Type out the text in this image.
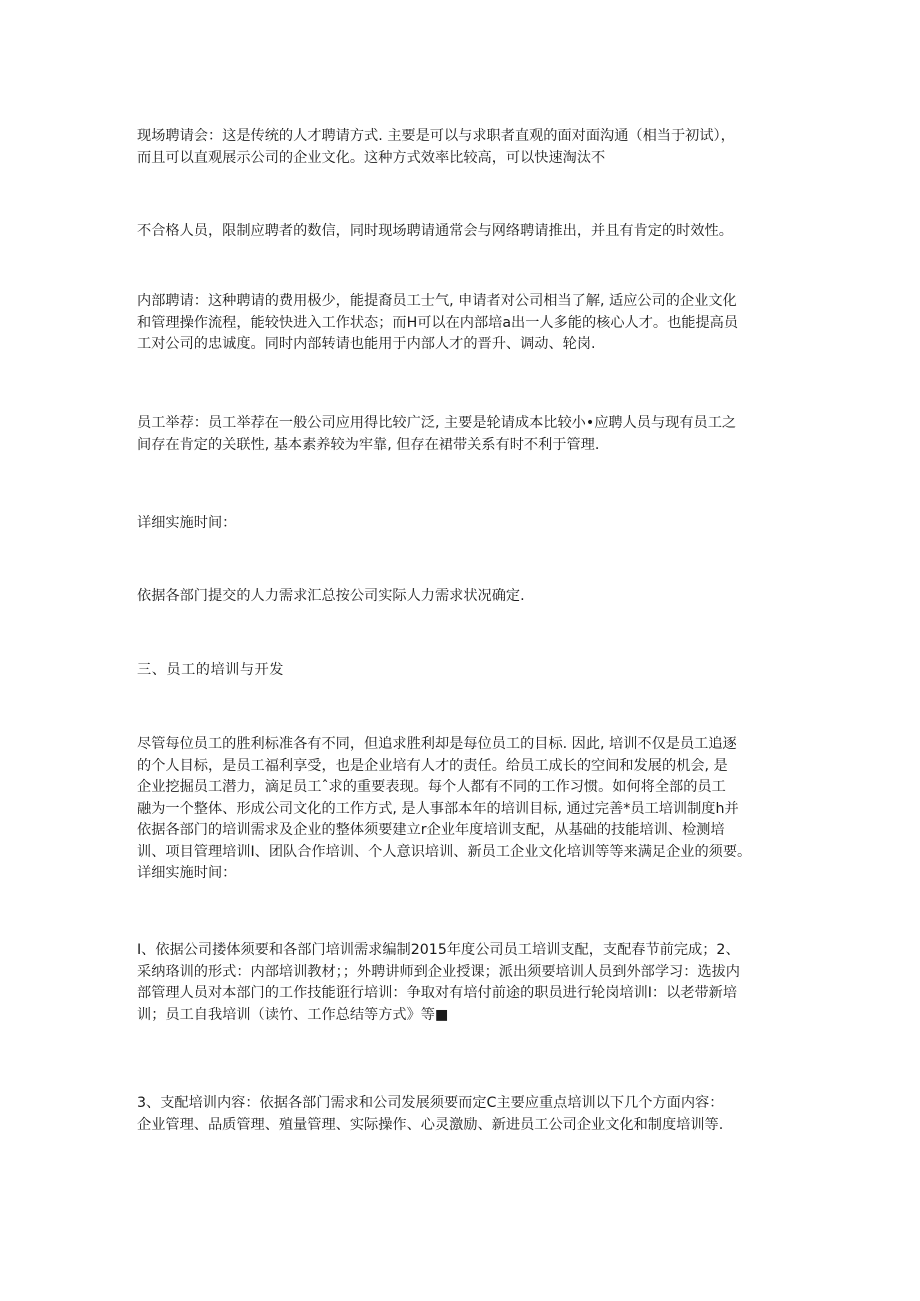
现场聘请会：这是传统的人才聘请方式. 主要是可以与求职者直观的面对面沟通（相当于初试），
而且可以直观展示公司的企业文化。这种方式效率比较高，可以快速淘汰不

不合格人员，限制应聘者的数信，同时现场聘请通常会与网络聘请推出，并且有肯定的时效性。

内部聘请：这种聘请的费用极少，能提裔员工士气, 申请者对公司相当了解, 适应公司的企业文化
和管理操作流程，能较快进入工作状态；而H可以在内部培a出一人多能的核心人才。也能提高员
工对公司的忠诚度。同时内部转请也能用于内部人才的晋升、调动、轮岗.

员工举荐：员工举荐在一般公司应用得比较广泛, 主要是轮请成本比较小•应聘人员与现有员工之
间存在肯定的关联性, 基本素养较为牢靠, 但存在裙带关系有时不利于管理.

详细实施时间：

依据各部门提交的人力需求汇总按公司实际人力需求状况确定.

三、员工的培训与开发

尽管每位员工的胜利标准各有不同，但追求胜利却是每位员工的目标. 因此, 培训不仅是员工追逐
的个人目标，是员工福利享受，也是企业培有人才的责任。给员工成长的空间和发展的机会, 是
企业挖掘员工潜力，滴足员工ˆ求的重要表现。每个人都有不同的工作习惯。如何将全部的员工
融为一个整体、形成公司文化的工作方式, 是人事部本年的培训目标, 通过完善*员工培训制度h并
依据各部门的培训需求及企业的整体须要建立r企业年度培训支配，从基础的技能培训、检测培
训、项目管理培训I、团队合作培训、个人意识培训、新员工企业文化培训等等来满足企业的须要。
详细实施时间：

I、依据公司搂体须要和各部门培训需求编制2015年度公司员工培训支配，支配春节前完成；2、
采纳珞训的形式：内部培训教材；；外聘讲师到企业授课；派出须要培训人员到外部学习：选拔内
部管理人员对本部门的工作技能诳行培训：争取对有培付前途的职员进行轮岗培训I：以老带新培
训；员工自我培训（读竹、工作总结等方式》等■

3、支配培训内容：依据各部门需求和公司发展须要而定C主要应重点培训以下几个方面内容：
企业管理、品质管理、殖量管理、实际操作、心灵激励、新进员工公司企业文化和制度培训等.
